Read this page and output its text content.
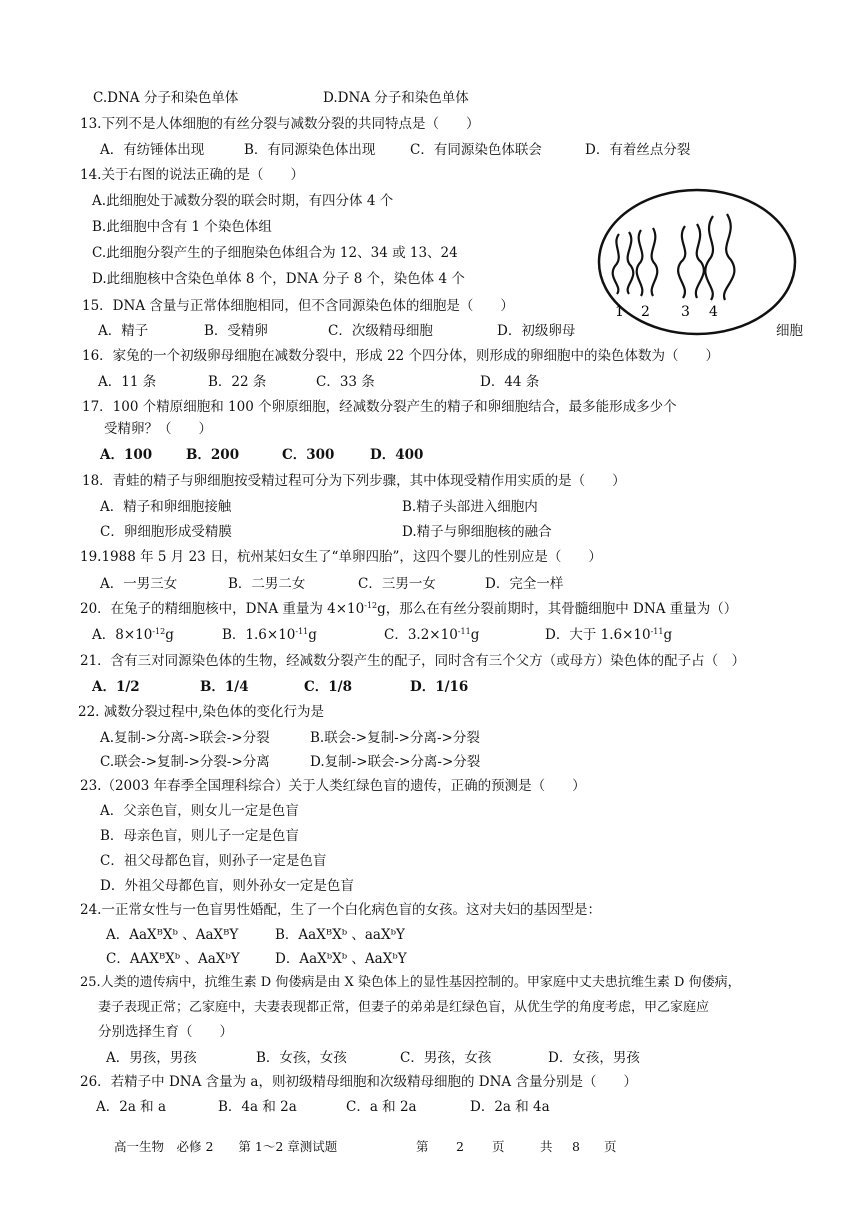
C.DNA 分子和染色单体	D.DNA 分子和染色单体
13.下列不是人体细胞的有丝分裂与减数分裂的共同特点是（　　）
A．有纺锤体出现	B．有同源染色体出现	C．有同源染色体联会	D．有着丝点分裂
14.关于右图的说法正确的是（　　）
A.此细胞处于减数分裂的联会时期，有四分体 4 个
B.此细胞中含有 1 个染色体组
C.此细胞分裂产生的子细胞染色体组合为 12、34 或 13、24
D.此细胞核中含染色单体 8 个，DNA 分子 8 个，染色体 4 个
1 2 3 4
15．DNA 含量与正常体细胞相同，但不含同源染色体的细胞是（　　）
A．精子	B．受精卵	C．次级精母细胞	D．初级卵母	细胞
16．家兔的一个初级卵母细胞在减数分裂中，形成 22 个四分体，则形成的卵细胞中的染色体数为（　　）
A．11 条	B．22 条	C．33 条	D．44 条
17．100 个精原细胞和 100 个卵原细胞，经减数分裂产生的精子和卵细胞结合，最多能形成多少个
受精卵？（　　）
A．100	B．200	C．300	D．400
18．青蛙的精子与卵细胞按受精过程可分为下列步骤，其中体现受精作用实质的是（　　）
A．精子和卵细胞接触	B.精子头部进入细胞内
C．卵细胞形成受精膜	D.精子与卵细胞核的融合
19.1988 年 5 月 23 日，杭州某妇女生了“单卵四胎”，这四个婴儿的性别应是（　　）
A．一男三女	B．二男二女	C．三男一女	D．完全一样
20．在兔子的精细胞核中，DNA 重量为 $4\times 10^{-12}g$，那么在有丝分裂前期时，其骨髓细胞中 DNA 重量为（）
A．$8\times 10^{-12}g$	B．$1.6\times 10^{-11}g$	C．$3.2\times 10^{-11}g$	D．大于 $1.6\times 10^{-11}g$
21．含有三对同源染色体的生物，经减数分裂产生的配子，同时含有三个父方（或母方）染色体的配子占（　）
A．1/2	B．1/4	C．1/8	D．1/16
22. 减数分裂过程中,染色体的变化行为是
A.复制->分离->联会->分裂	B.联会->复制->分离->分裂
C.联会->复制->分裂->分离	D.复制->联会->分离->分裂
23.（2003 年春季全国理科综合）关于人类红绿色盲的遗传，正确的预测是（　　）
A．父亲色盲，则女儿一定是色盲
B．母亲色盲，则儿子一定是色盲
C．祖父母都色盲，则孙子一定是色盲
D．外祖父母都色盲，则外孙女一定是色盲
24.一正常女性与一色盲男性婚配，生了一个白化病色盲的女孩。这对夫妇的基因型是：
A．AaXᴮXᵇ 、AaXᴮY	B．AaXᴮXᵇ 、aaXᵇY
C．AAXᴮXᵇ 、AaXᵇY	D．AaXᵇXᵇ 、AaXᵇY
25.人类的遗传病中，抗维生素 D 佝偻病是由 X 染色体上的显性基因控制的。甲家庭中丈夫患抗维生素 D 佝偻病，
妻子表现正常；乙家庭中，夫妻表现都正常，但妻子的弟弟是红绿色盲，从优生学的角度考虑，甲乙家庭应
分别选择生育（　　）
A．男孩，男孩	B．女孩，女孩	C．男孩，女孩	D．女孩，男孩
26．若精子中 DNA 含量为 a，则初级精母细胞和次级精母细胞的 DNA 含量分别是（　　）
A．2a 和 a	B．4a 和 2a	C．a 和 2a	D．2a 和 4a
高一生物　必修 2　　第 1～2 章测试题	第 2 页	共 8 页
